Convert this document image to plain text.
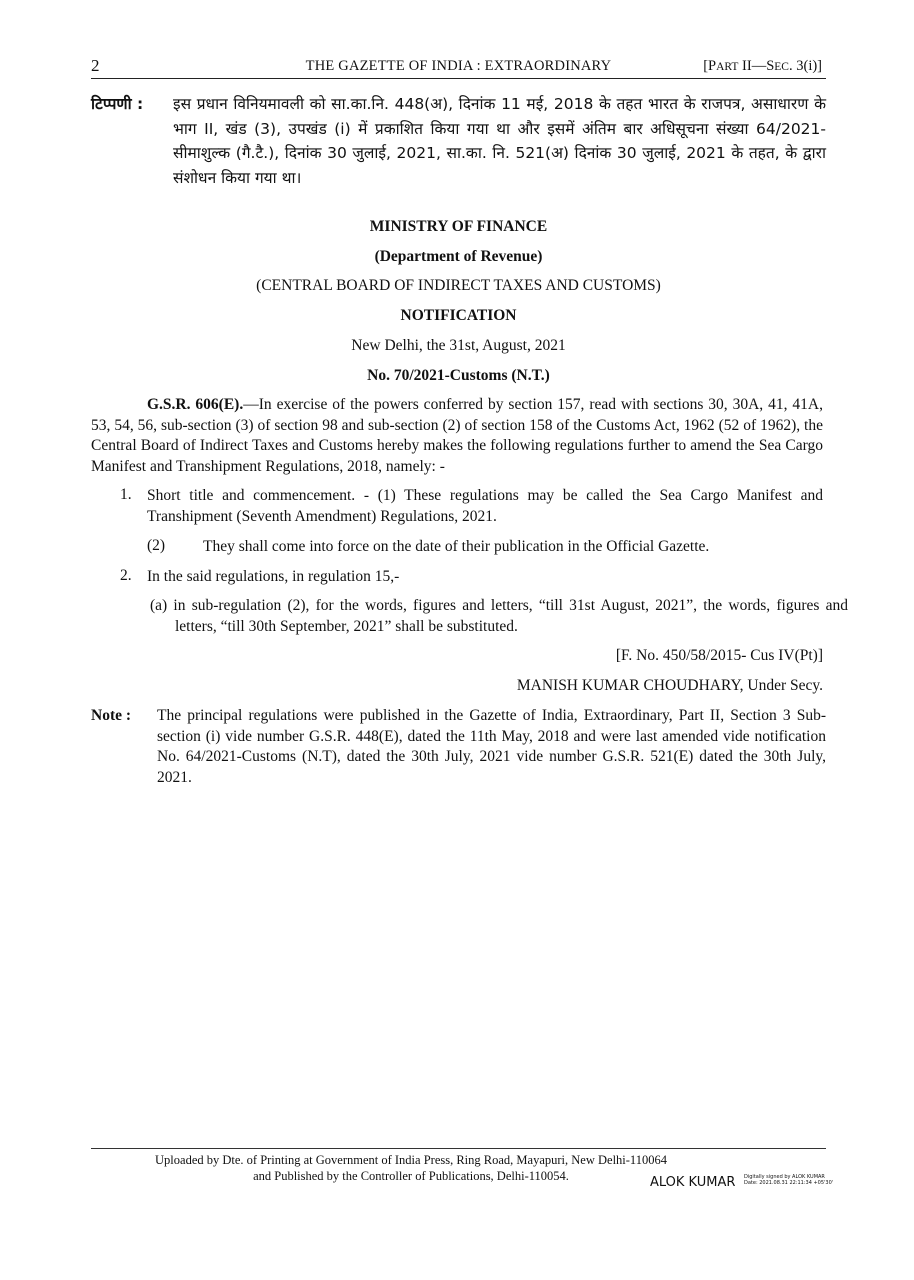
2	THE GAZETTE OF INDIA : EXTRAORDINARY	[PART II—SEC. 3(i)]
टिप्पणी :	इस प्रधान विनियमावली को सा.का.नि. 448(अ), दिनांक 11 मई, 2018 के तहत भारत के राजपत्र, असाधारण के भाग II, खंड (3), उपखंड (i) में प्रकाशित किया गया था और इसमें अंतिम बार अधिसूचना संख्या 64/2021-सीमाशुल्क (गै.टै.), दिनांक 30 जुलाई, 2021, सा.का. नि. 521(अ) दिनांक 30 जुलाई, 2021 के तहत, के द्वारा संशोधन किया गया था।
MINISTRY OF FINANCE
(Department of Revenue)
(CENTRAL BOARD OF INDIRECT TAXES AND CUSTOMS)
NOTIFICATION
New Delhi, the 31st, August, 2021
No. 70/2021-Customs (N.T.)
G.S.R. 606(E).—In exercise of the powers conferred by section 157, read with sections 30, 30A, 41, 41A, 53, 54, 56, sub-section (3) of section 98 and sub-section (2) of section 158 of the Customs Act, 1962 (52 of 1962), the Central Board of Indirect Taxes and Customs hereby makes the following regulations further to amend the Sea Cargo Manifest and Transhipment Regulations, 2018, namely: -
1. Short title and commencement. - (1) These regulations may be called the Sea Cargo Manifest and Transhipment (Seventh Amendment) Regulations, 2021.
(2) They shall come into force on the date of their publication in the Official Gazette.
2. In the said regulations, in regulation 15,-
(a) in sub-regulation (2), for the words, figures and letters, “till 31st August, 2021”, the words, figures and letters, “till 30th September, 2021” shall be substituted.
[F. No. 450/58/2015- Cus IV(Pt)]
MANISH KUMAR CHOUDHARY, Under Secy.
Note :	The principal regulations were published in the Gazette of India, Extraordinary, Part II, Section 3 Sub-section (i) vide number G.S.R. 448(E), dated the 11th May, 2018 and were last amended vide notification No. 64/2021-Customs (N.T), dated the 30th July, 2021 vide number G.S.R. 521(E) dated the 30th July, 2021.
Uploaded by Dte. of Printing at Government of India Press, Ring Road, Mayapuri, New Delhi-110064
and Published by the Controller of Publications, Delhi-110054.	ALOK KUMAR Digitally signed by ALOK KUMAR
Date: 2021.08.31 22:11:34 +05'30'
